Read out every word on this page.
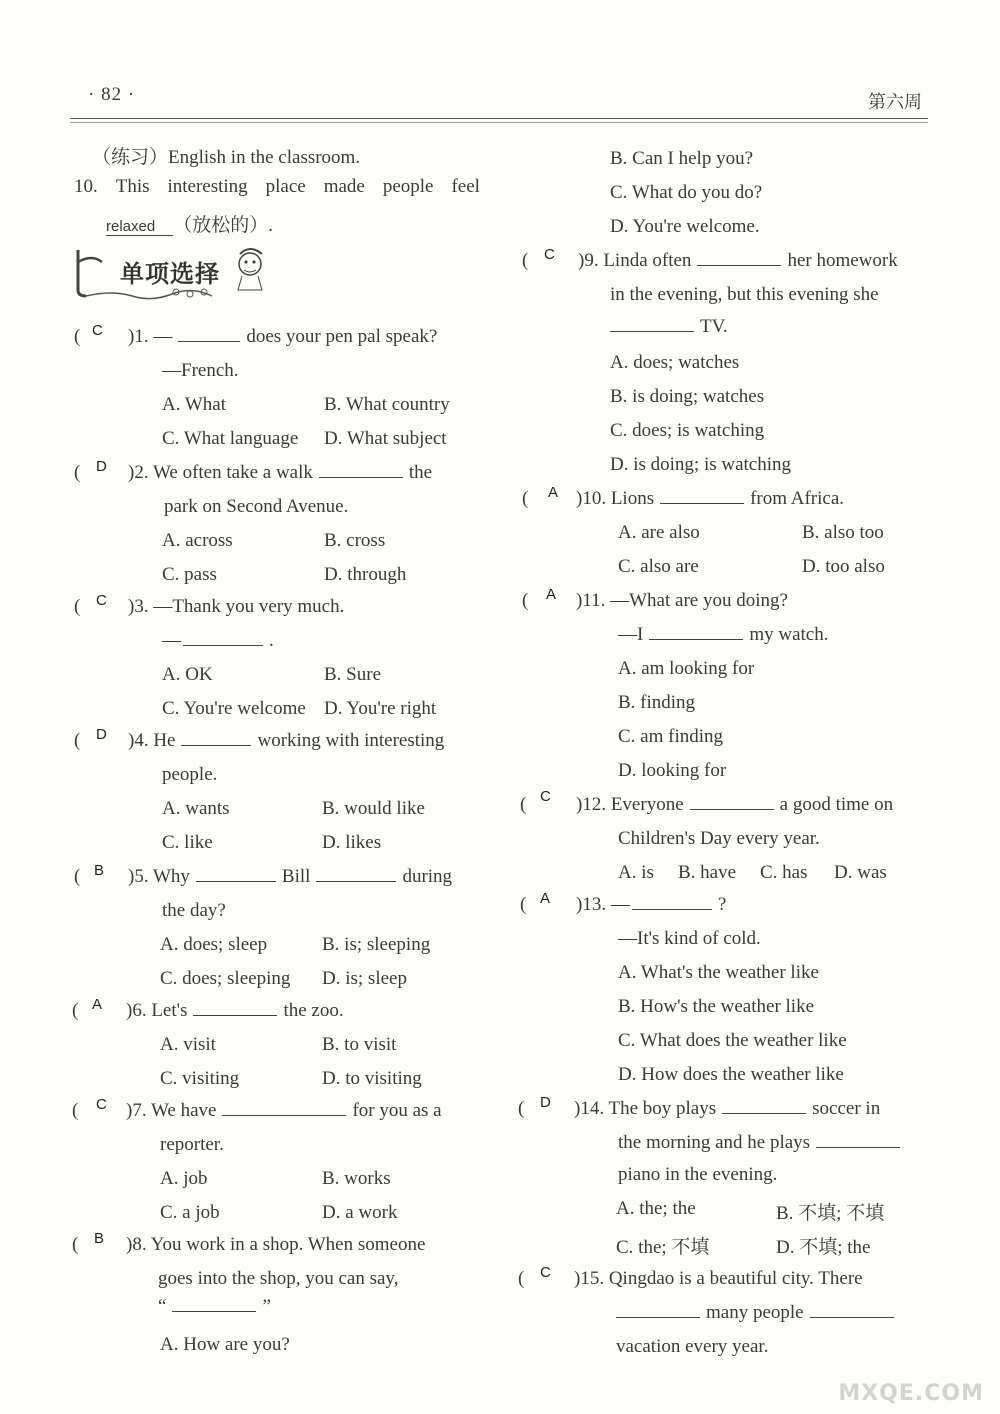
· 82 ·	第六周
（练习）English in the classroom.
10. This interesting place made people feel
relaxed （放松的）.
单项选择
( C )1. —	does your pen pal speak?
—French.
A. What	B. What country
C. What language D. What subject
( D )2. We often take a walk	the
park on Second Avenue.
A. across	B. cross
C. pass	D. through
( C )3. —Thank you very much.
—	.
A. OK	B. Sure
C. You're welcome D. You're right
( D )4. He	working with interesting
people.
A. wants	B. would like
C. like	D. likes
( B )5. Why	Bill	during
the day?
A. does; sleep	B. is; sleeping
C. does; sleeping D. is; sleep
( A )6. Let's	the zoo.
A. visit	B. to visit
C. visiting	D. to visiting
( C )7. We have	for you as a
reporter.
A. job	B. works
C. a job	D. a work
( B )8. You work in a shop. When someone
goes into the shop, you can say,
“	”
A. How are you?
B. Can I help you?
C. What do you do?
D. You're welcome.
( C )9. Linda often	her homework
in the evening, but this evening she
TV.
A. does; watches
B. is doing; watches
C. does; is watching
D. is doing; is watching
( A )10. Lions	from Africa.
A. are also	B. also too
C. also are	D. too also
( A )11. —What are you doing?
—I	my watch.
A. am looking for
B. finding
C. am finding
D. looking for
( C )12. Everyone	a good time on
Children's Day every year.
A. is B. have C. has D. was
( A )13. —	?
—It's kind of cold.
A. What's the weather like
B. How's the weather like
C. What does the weather like
D. How does the weather like
( D )14. The boy plays	soccer in
the morning and he plays
piano in the evening.
A. the; the	B. 不填; 不填
C. the; 不填	D. 不填; the
( C )15. Qingdao is a beautiful city. There
many people
vacation every year.
MXQE.COM
